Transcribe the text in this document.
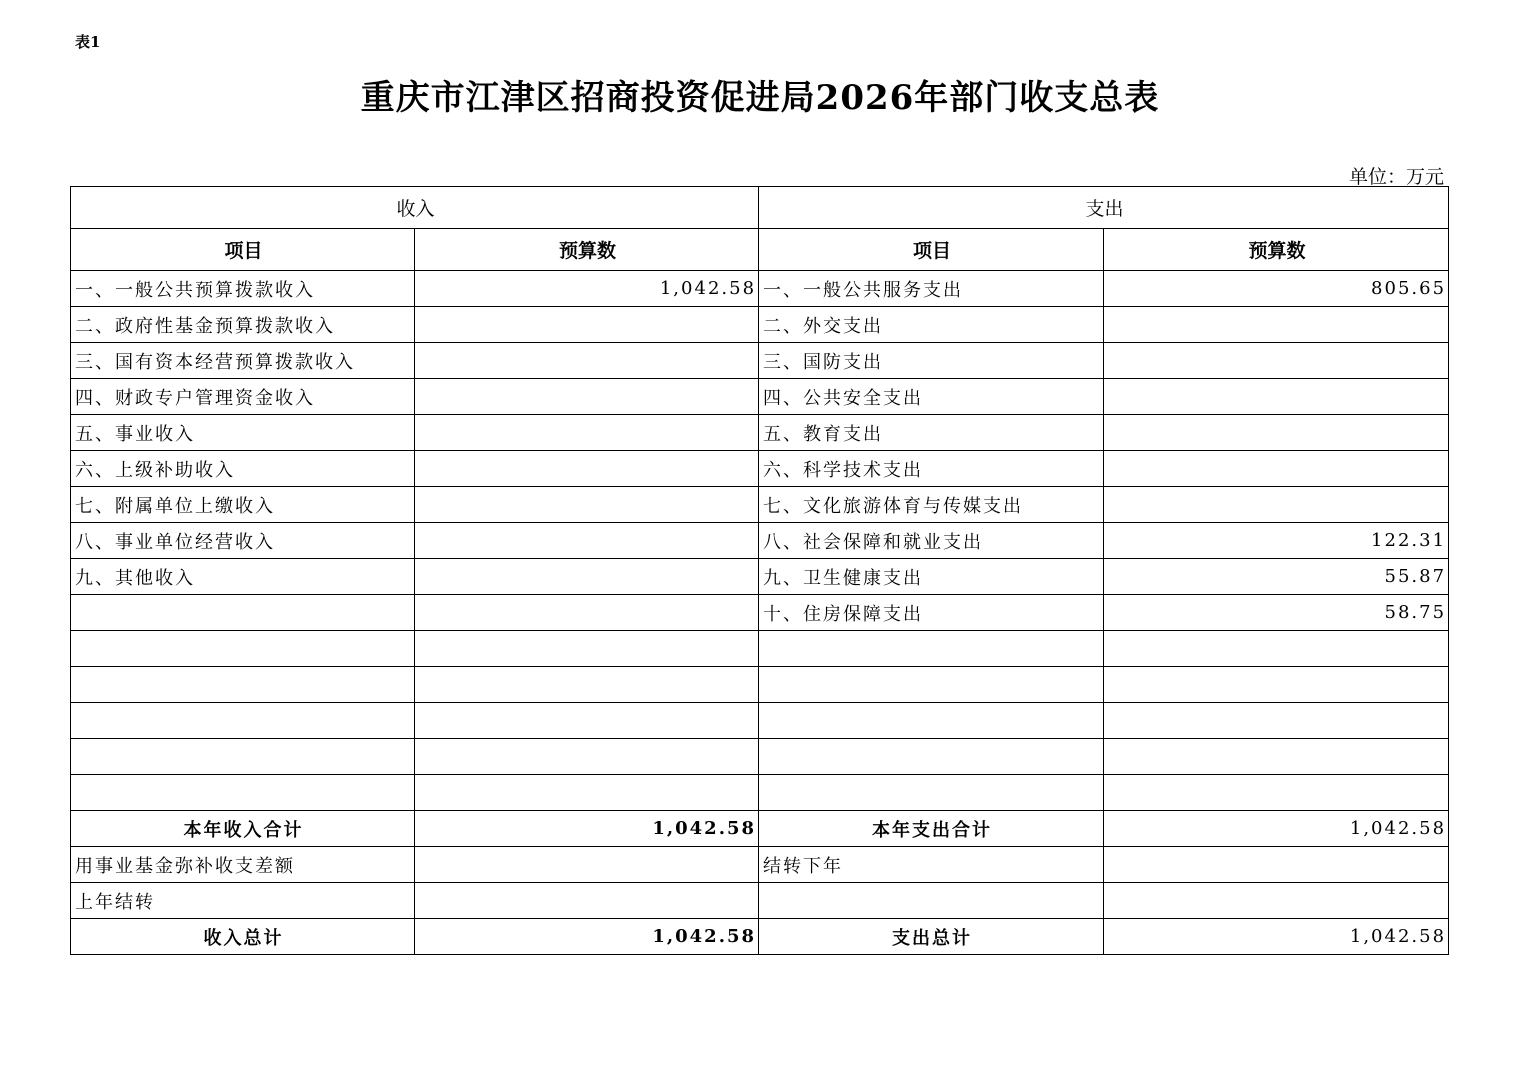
表1
重庆市江津区招商投资促进局2026年部门收支总表
单位：万元
收入		支出	
项目	预算数	项目	预算数
一、一般公共预算拨款收入	1,042.58	一、一般公共服务支出	805.65
二、政府性基金预算拨款收入		二、外交支出	
三、国有资本经营预算拨款收入		三、国防支出	
四、财政专户管理资金收入		四、公共安全支出	
五、事业收入		五、教育支出	
六、上级补助收入		六、科学技术支出	
七、附属单位上缴收入		七、文化旅游体育与传媒支出	
八、事业单位经营收入		八、社会保障和就业支出	122.31
九、其他收入		九、卫生健康支出	55.87
		十、住房保障支出	58.75

本年收入合计	1,042.58	本年支出合计	1,042.58
用事业基金弥补收支差额		结转下年	
上年结转			
收入总计	1,042.58	支出总计	1,042.58
